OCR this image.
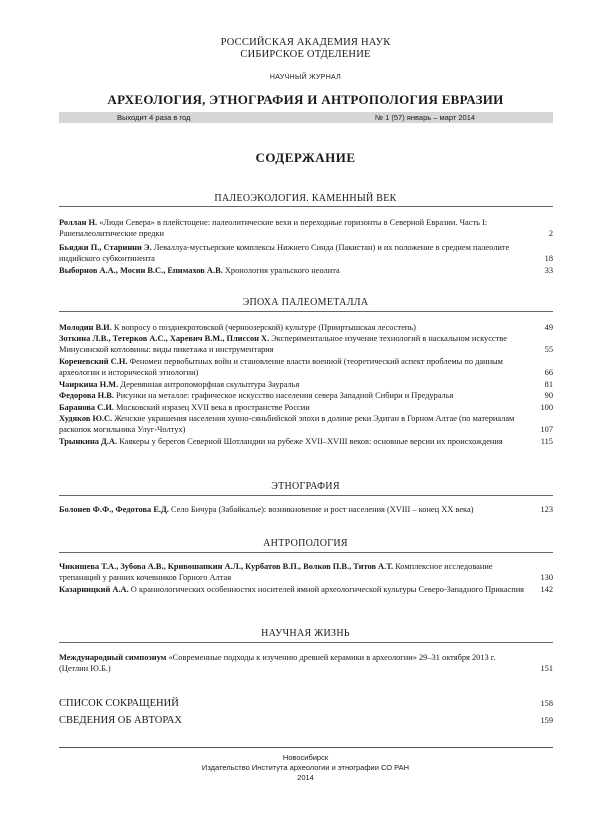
РОССИЙСКАЯ АКАДЕМИЯ НАУК
СИБИРСКОЕ ОТДЕЛЕНИЕ
НАУЧНЫЙ ЖУРНАЛ
АРХЕОЛОГИЯ, ЭТНОГРАФИЯ И АНТРОПОЛОГИЯ ЕВРАЗИИ
Выходит 4 раза в год	№ 1 (57) январь – март 2014
СОДЕРЖАНИЕ
ПАЛЕОЭКОЛОГИЯ. КАМЕННЫЙ ВЕК
Роллан Н. «Люди Севера» в плейстоцене: палеолитические вехи и переходные горизонты в Северной Евразии. Часть I: Ранепалеолитические предки	2
Бьяджи П., Старинни Э. Леваллуа-мустьерские комплексы Нижнего Синда (Пакистан) и их положение в среднем палеолите индийского субконтинента	18
Выборнов А.А., Мосин В.С., Епимахов А.В. Хронология уральского неолита	33
ЭПОХА ПАЛЕОМЕТАЛЛА
Молодин В.И. К вопросу о позднекротовской (черноозерской) культуре (Прииртышская лесостепь)	49
Зоткина Л.В., Тетерков А.С., Харевич В.М., Плиссон Х. Экспериментальное изучение технологий в наскальном искусстве Минусинской котловины: виды пикетажа и инструментария	55
Кореневский С.Н. Феномен первобытных войн и становление власти военной (теоретический аспект проблемы по данным археологии и исторической этнологии)	66
Чаиркина Н.М. Деревянная антропоморфная скульптура Зауралья	81
Федорова Н.В. Рисунки на металле: графическое искусство населения севера Западной Сибири и Предуралья	90
Баранова С.И. Московский изразец XVII века в пространстве России	100
Худяков Ю.С. Женские украшения населения хунно-сяньбийской эпохи в долине реки Эдиган в Горном Алтае (по материалам раскопок могильника Улуг-Чолтух)	107
Трынкина Д.А. Каякеры у берегов Северной Шотландии на рубеже XVII–XVIII веков: основные версии их происхождения	115
ЭТНОГРАФИЯ
Болонев Ф.Ф., Федотова Е.Д. Село Бичура (Забайкалье): возникновение и рост населения (XVIII – конец XX века)	123
АНТРОПОЛОГИЯ
Чикишева Т.А., Зубова А.В., Кривошапкин А.Л., Курбатов В.П., Волков П.В., Титов А.Т. Комплексное исследование трепанаций у ранних кочевников Горного Алтая	130
Казарницкий А.А. О краниологических особенностях носителей ямной археологической культуры Северо-Западного Прикаспия 142
НАУЧНАЯ ЖИЗНЬ
Международный симпозиум «Современные подходы к изучению древней керамики в археологии» 29–31 октября 2013 г. (Цетлин Ю.Б.)	151
СПИСОК СОКРАЩЕНИЙ	158
СВЕДЕНИЯ ОБ АВТОРАХ	159
Новосибирск
Издательство Института археологии и этнографии СО РАН
2014
